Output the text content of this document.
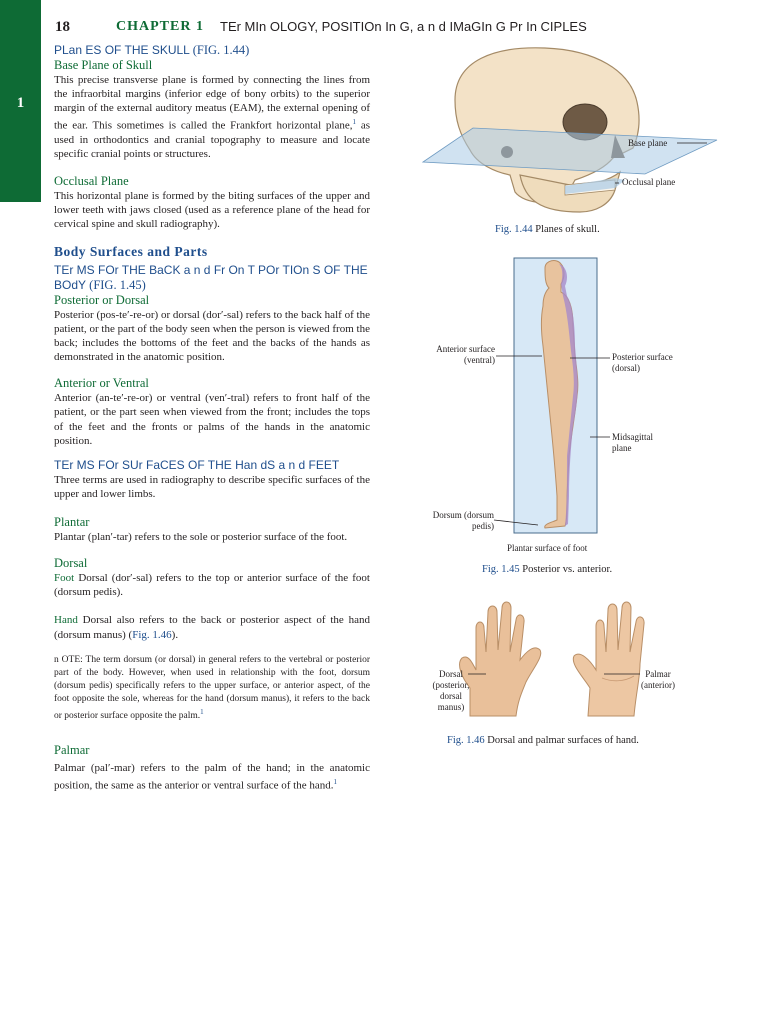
1
18	CHAPTER 1 TEr MIn OLOGY, POSITIOn In G, a n d IMaGIn G Pr In CIPLES
PLan ES OF THE SKULL (FIG. 1.44)
Base Plane of Skull

This precise transverse plane is formed by connecting the lines from the infraorbital margins (inferior edge of bony orbits) to the superior margin of the external auditory meatus (EAM), the external opening of the ear. This sometimes is called the Frankfort horizontal plane,$^1$ as used in orthodontics and cranial topography to measure and locate specific cranial points or structures.

Occlusal Plane

This horizontal plane is formed by the biting surfaces of the upper and lower teeth with jaws closed (used as a reference plane of the head for cervical spine and skull radiography).

Body Surfaces and Parts
TEr MS FOr THE BaCK a n d Fr On T POr TIOn S OF THE
BOdY (FIG. 1.45)
Posterior or Dorsal

Posterior (pos-te′-re-or) or dorsal (dor′-sal) refers to the back half of the patient, or the part of the body seen when the person is viewed from the back; includes the bottoms of the feet and the backs of the hands as demonstrated in the anatomic position.

Anterior or Ventral

Anterior (an-te′-re-or) or ventral (ven′-tral) refers to front half of the patient, or the part seen when viewed from the front; includes the tops of the feet and the fronts or palms of the hands in the anatomic position.

TEr MS FOr SUr FaCES OF THE Han dS a n d FEET

Three terms are used in radiography to describe specific surfaces of the upper and lower limbs.

Plantar

Plantar (plan′-tar) refers to the sole or posterior surface of the foot.

Dorsal

Foot Dorsal (dor′-sal) refers to the top or anterior surface of the foot (dorsum pedis).

Hand Dorsal also refers to the back or posterior aspect of the hand (dorsum manus) (Fig. 1.46).

n OTE: The term dorsum (or dorsal) in general refers to the vertebral or posterior part of the body. However, when used in relationship with the foot, dorsum (dorsum pedis) specifically refers to the upper surface, or anterior aspect, of the foot opposite the sole, whereas for the hand (dorsum manus), it refers to the back or posterior surface opposite the palm.$^1$

Palmar

Palmar (pal′-mar) refers to the palm of the hand; in the anatomic position, the same as the anterior or ventral surface of the hand.$^1$

Base plane
Occlusal plane
Fig. 1.44 Planes of skull.
Anterior surface
(ventral)	Posterior surface
(dorsal)
Midsagittal
plane
Dorsum (dorsum
pedis)
Plantar surface of foot
Fig. 1.45 Posterior vs. anterior.
Dorsal
(posterior,
dorsal
manus)
Palmar
(anterior)
Fig. 1.46 Dorsal and palmar surfaces of hand.
